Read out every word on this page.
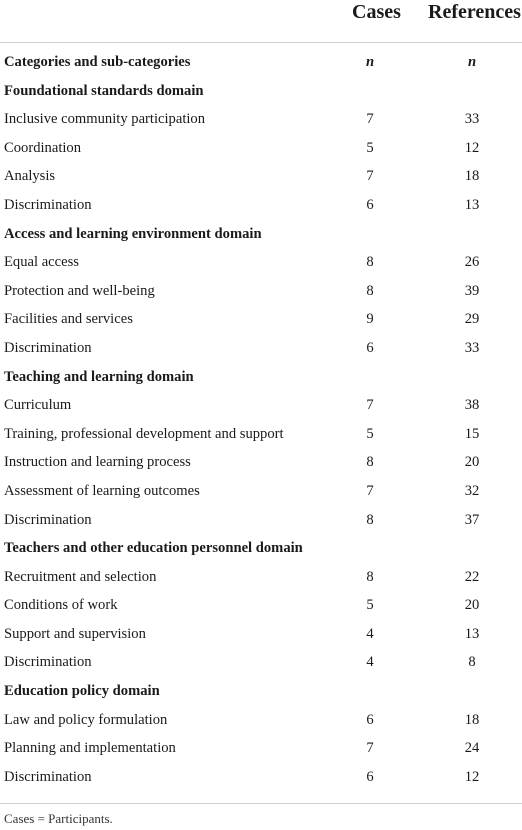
Cases References
Categories and sub-categories	n	n
Foundational standards domain
Inclusive community participation	7	33
Coordination	5	12
Analysis	7	18
Discrimination	6	13
Access and learning environment domain
Equal access	8	26
Protection and well-being	8	39
Facilities and services	9	29
Discrimination	6	33
Teaching and learning domain
Curriculum	7	38
Training, professional development and support	5	15
Instruction and learning process	8	20
Assessment of learning outcomes	7	32
Discrimination	8	37
Teachers and other education personnel domain
Recruitment and selection	8	22
Conditions of work	5	20
Support and supervision	4	13
Discrimination	4	8
Education policy domain
Law and policy formulation	6	18
Planning and implementation	7	24
Discrimination	6	12
Cases = Participants.
